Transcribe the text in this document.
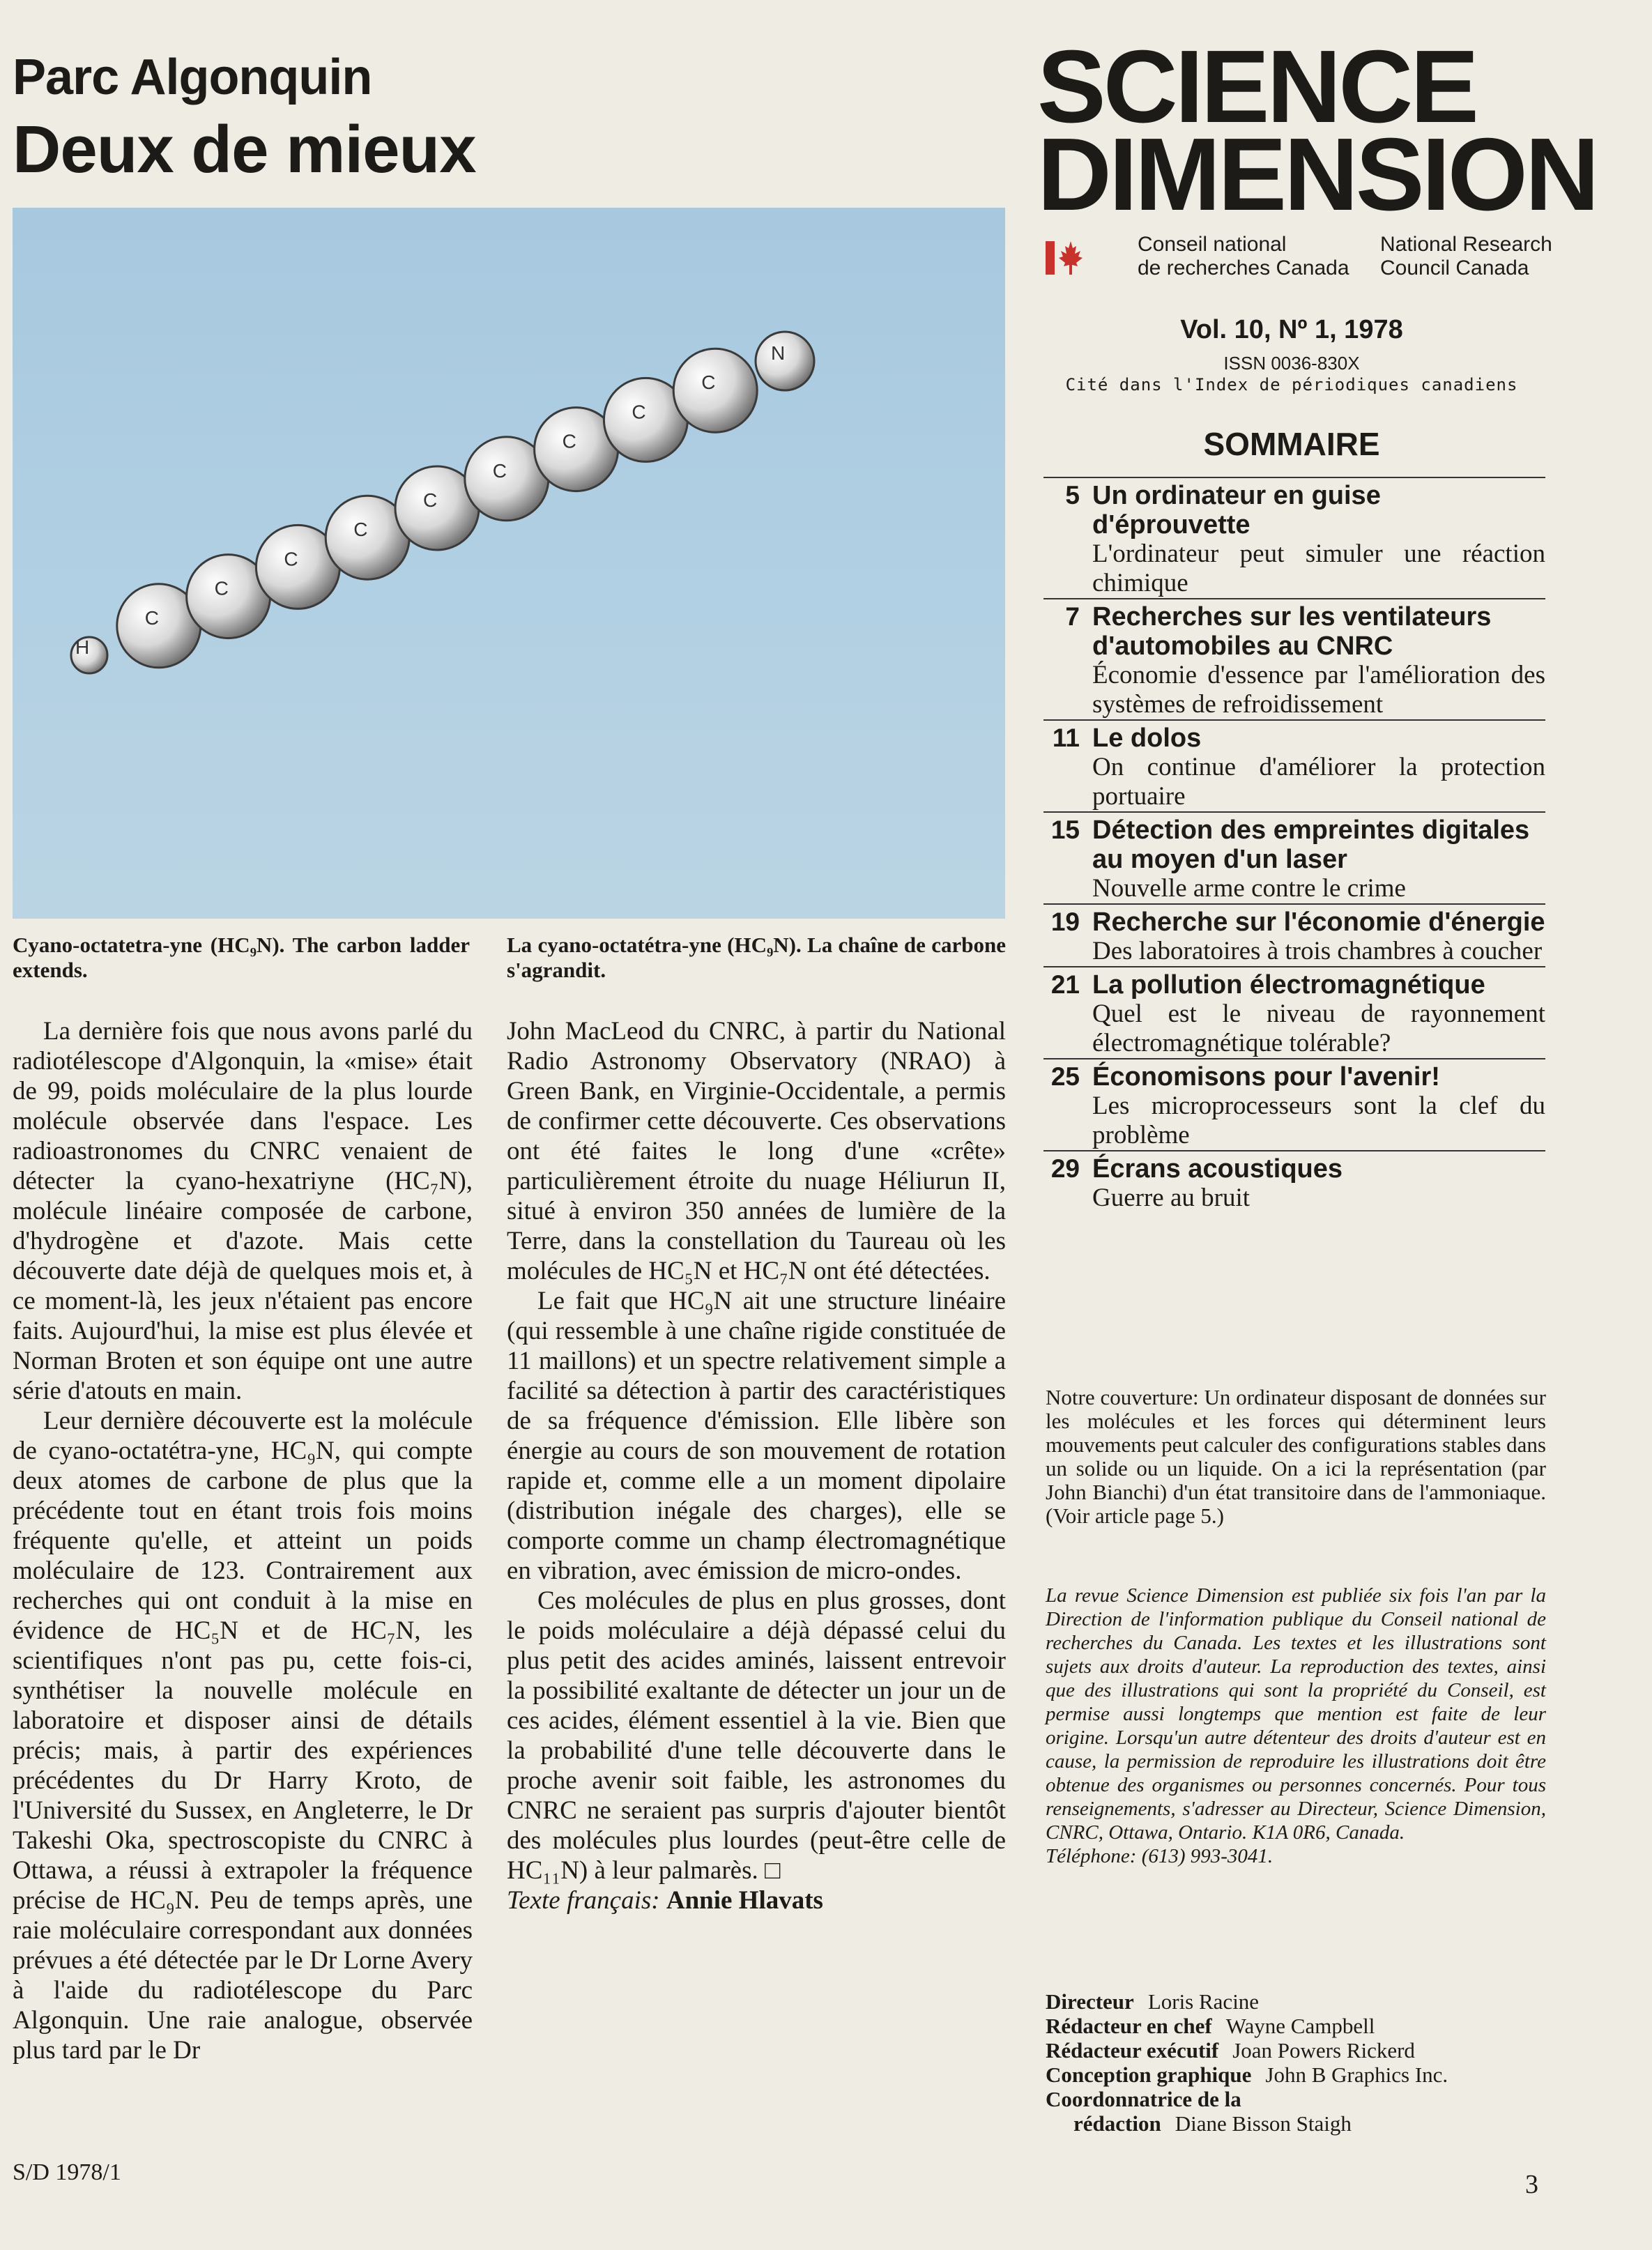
Parc Algonquin
Deux de mieux
H
C
C
C
C
C
C
C
C
C
N
Cyano-octatetra-yne (HC₉N). The carbon ladder extends.
La cyano-octatétra-yne (HC₉N). La chaîne de carbone s'agrandit.

La dernière fois que nous avons parlé du radiotélescope d'Algonquin, la «mise» était de 99, poids moléculaire de la plus lourde molécule observée dans l'espace. Les radioastronomes du CNRC venaient de détecter la cyano-hexatriyne (HC₇N), molécule linéaire composée de carbone, d'hydrogène et d'azote. Mais cette découverte date déjà de quelques mois et, à ce moment-là, les jeux n'étaient pas encore faits. Aujourd'hui, la mise est plus élevée et Norman Broten et son équipe ont une autre série d'atouts en main.

Leur dernière découverte est la molécule de cyano-octatétra-yne, HC₉N, qui compte deux atomes de carbone de plus que la précédente tout en étant trois fois moins fréquente qu'elle, et atteint un poids moléculaire de 123. Contrairement aux recherches qui ont conduit à la mise en évidence de HC₅N et de HC₇N, les scientifiques n'ont pas pu, cette fois-ci, synthétiser la nouvelle molécule en laboratoire et disposer ainsi de détails précis; mais, à partir des expériences précédentes du Dr Harry Kroto, de l'Université du Sussex, en Angleterre, le Dr Takeshi Oka, spectroscopiste du CNRC à Ottawa, a réussi à extrapoler la fréquence précise de HC₉N. Peu de temps après, une raie moléculaire correspondant aux données prévues a été détectée par le Dr Lorne Avery à l'aide du radiotélescope du Parc Algonquin. Une raie analogue, observée plus tard par le Dr

John MacLeod du CNRC, à partir du National Radio Astronomy Observatory (NRAO) à Green Bank, en Virginie-Occidentale, a permis de confirmer cette découverte. Ces observations ont été faites le long d'une «crête» particulièrement étroite du nuage Héliurun II, situé à environ 350 années de lumière de la Terre, dans la constellation du Taureau où les molécules de HC₅N et HC₇N ont été détectées.

Le fait que HC₉N ait une structure linéaire (qui ressemble à une chaîne rigide constituée de 11 maillons) et un spectre relativement simple a facilité sa détection à partir des caractéristiques de sa fréquence d'émission. Elle libère son énergie au cours de son mouvement de rotation rapide et, comme elle a un moment dipolaire (distribution inégale des charges), elle se comporte comme un champ électromagnétique en vibration, avec émission de micro-ondes.

Ces molécules de plus en plus grosses, dont le poids moléculaire a déjà dépassé celui du plus petit des acides aminés, laissent entrevoir la possibilité exaltante de détecter un jour un de ces acides, élément essentiel à la vie. Bien que la probabilité d'une telle découverte dans le proche avenir soit faible, les astronomes du CNRC ne seraient pas surpris d'ajouter bientôt des molécules plus lourdes (peut-être celle de HC₁₁N) à leur palmarès. □

Texte français: Annie Hlavats
SCIENCE
DIMENSION
Conseil national
de recherches Canada
National Research
Council Canada
Vol. 10, Nº 1, 1978
ISSN 0036-830X
Cité dans l'Index de périodiques canadiens
SOMMAIRE
5 Un ordinateur en guise d'éprouvette
L'ordinateur peut simuler une réaction chimique
7 Recherches sur les ventilateurs d'automobiles au CNRC
Économie d'essence par l'amélioration des systèmes de refroidissement
11 Le dolos
On continue d'améliorer la protection portuaire
15 Détection des empreintes digitales au moyen d'un laser
Nouvelle arme contre le crime
19 Recherche sur l'économie d'énergie
Des laboratoires à trois chambres à coucher
21 La pollution électromagnétique
Quel est le niveau de rayonnement électromagnétique tolérable?
25 Économisons pour l'avenir!
Les microprocesseurs sont la clef du problème
29 Écrans acoustiques
Guerre au bruit
Notre couverture: Un ordinateur disposant de données sur les molécules et les forces qui déterminent leurs mouvements peut calculer des configurations stables dans un solide ou un liquide. On a ici la représentation (par John Bianchi) d'un état transitoire dans de l'ammoniaque. (Voir article page 5.)
La revue Science Dimension est publiée six fois l'an par la Direction de l'information publique du Conseil national de recherches du Canada. Les textes et les illustrations sont sujets aux droits d'auteur. La reproduction des textes, ainsi que des illustrations qui sont la propriété du Conseil, est permise aussi longtemps que mention est faite de leur origine. Lorsqu'un autre détenteur des droits d'auteur est en cause, la permission de reproduire les illustrations doit être obtenue des organismes ou personnes concernés. Pour tous renseignements, s'adresser au Directeur, Science Dimension, CNRC, Ottawa, Ontario. K1A 0R6, Canada.
Téléphone: (613) 993-3041.
Directeur Loris Racine
Rédacteur en chef Wayne Campbell
Rédacteur exécutif Joan Powers Rickerd
Conception graphique John B Graphics Inc.
Coordonnatrice de la
rédaction Diane Bisson Staigh
S/D 1978/1	3
